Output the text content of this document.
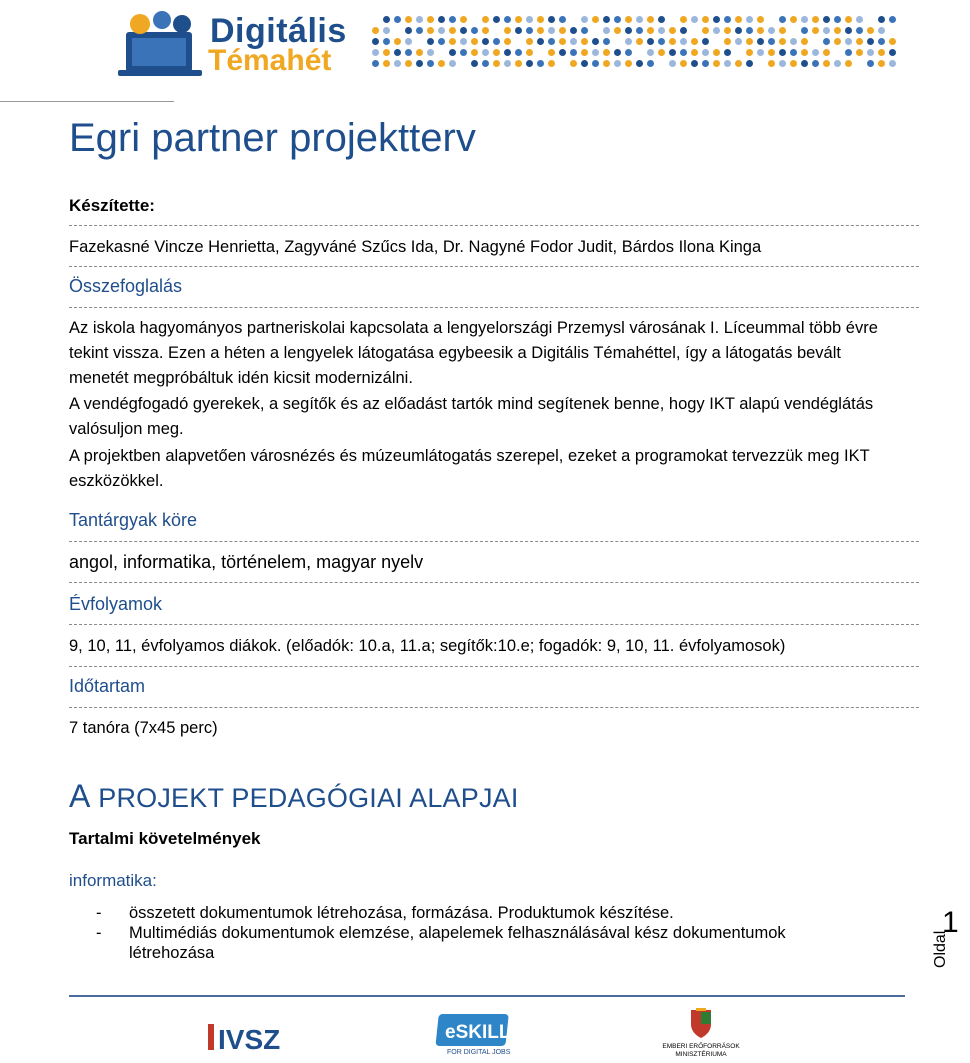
Digitális
Témahét
Egri partner projektterv
Készítette:
Fazekasné Vincze Henrietta, Zagyváné Szűcs Ida, Dr. Nagyné Fodor Judit, Bárdos Ilona Kinga
Összefoglalás
Az iskola hagyományos partneriskolai kapcsolata a lengyelországi Przemysl városának I. Líceummal több évre tekint vissza. Ezen a héten a lengyelek látogatása egybeesik a Digitális Témahéttel, így a látogatás bevált menetét megpróbáltuk idén kicsit modernizálni.
A vendégfogadó gyerekek, a segítők és az előadást tartók mind segítenek benne, hogy IKT alapú vendéglátás valósuljon meg.
A projektben alapvetően városnézés és múzeumlátogatás szerepel, ezeket a programokat tervezzük meg IKT eszközökkel.
Tantárgyak köre
angol, informatika, történelem, magyar nyelv
Évfolyamok
9, 10, 11, évfolyamos diákok. (előadók: 10.a, 11.a; segítők:10.e; fogadók: 9, 10, 11. évfolyamosok)
Időtartam
7 tanóra (7x45 perc)
A PROJEKT PEDAGÓGIAI ALAPJAI
Tartalmi követelmények
informatika:
- összetett dokumentumok létrehozása, formázása. Produktumok készítése.
- Multimédiás dokumentumok elemzése, alapelemek felhasználásával kész dokumentumok létrehozása	Oldal
1
IVSZ	eSKILLS
FOR DIGITAL JOBS
EMBERI ERŐFORRÁSOK
MINISZTÉRIUMA
